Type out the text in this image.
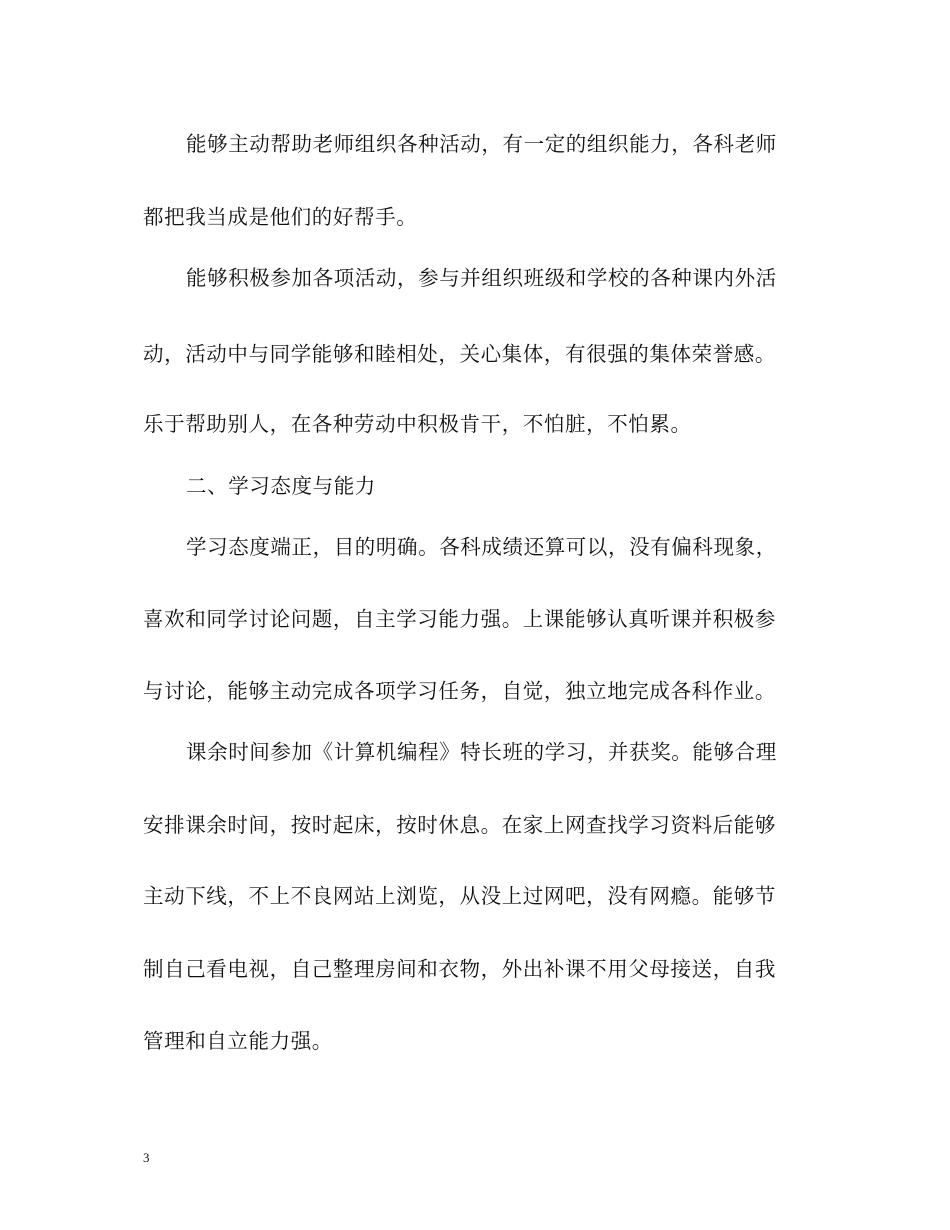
能够主动帮助老师组织各种活动，有一定的组织能力，各科老师
都把我当成是他们的好帮手。
能够积极参加各项活动，参与并组织班级和学校的各种课内外活
动，活动中与同学能够和睦相处，关心集体，有很强的集体荣誉感。
乐于帮助别人，在各种劳动中积极肯干，不怕脏，不怕累。
二、学习态度与能力
学习态度端正，目的明确。各科成绩还算可以，没有偏科现象，
喜欢和同学讨论问题，自主学习能力强。上课能够认真听课并积极参
与讨论，能够主动完成各项学习任务，自觉，独立地完成各科作业。
课余时间参加《计算机编程》特长班的学习，并获奖。能够合理
安排课余时间，按时起床，按时休息。在家上网查找学习资料后能够
主动下线，不上不良网站上浏览，从没上过网吧，没有网瘾。能够节
制自己看电视，自己整理房间和衣物，外出补课不用父母接送，自我
管理和自立能力强。
3
